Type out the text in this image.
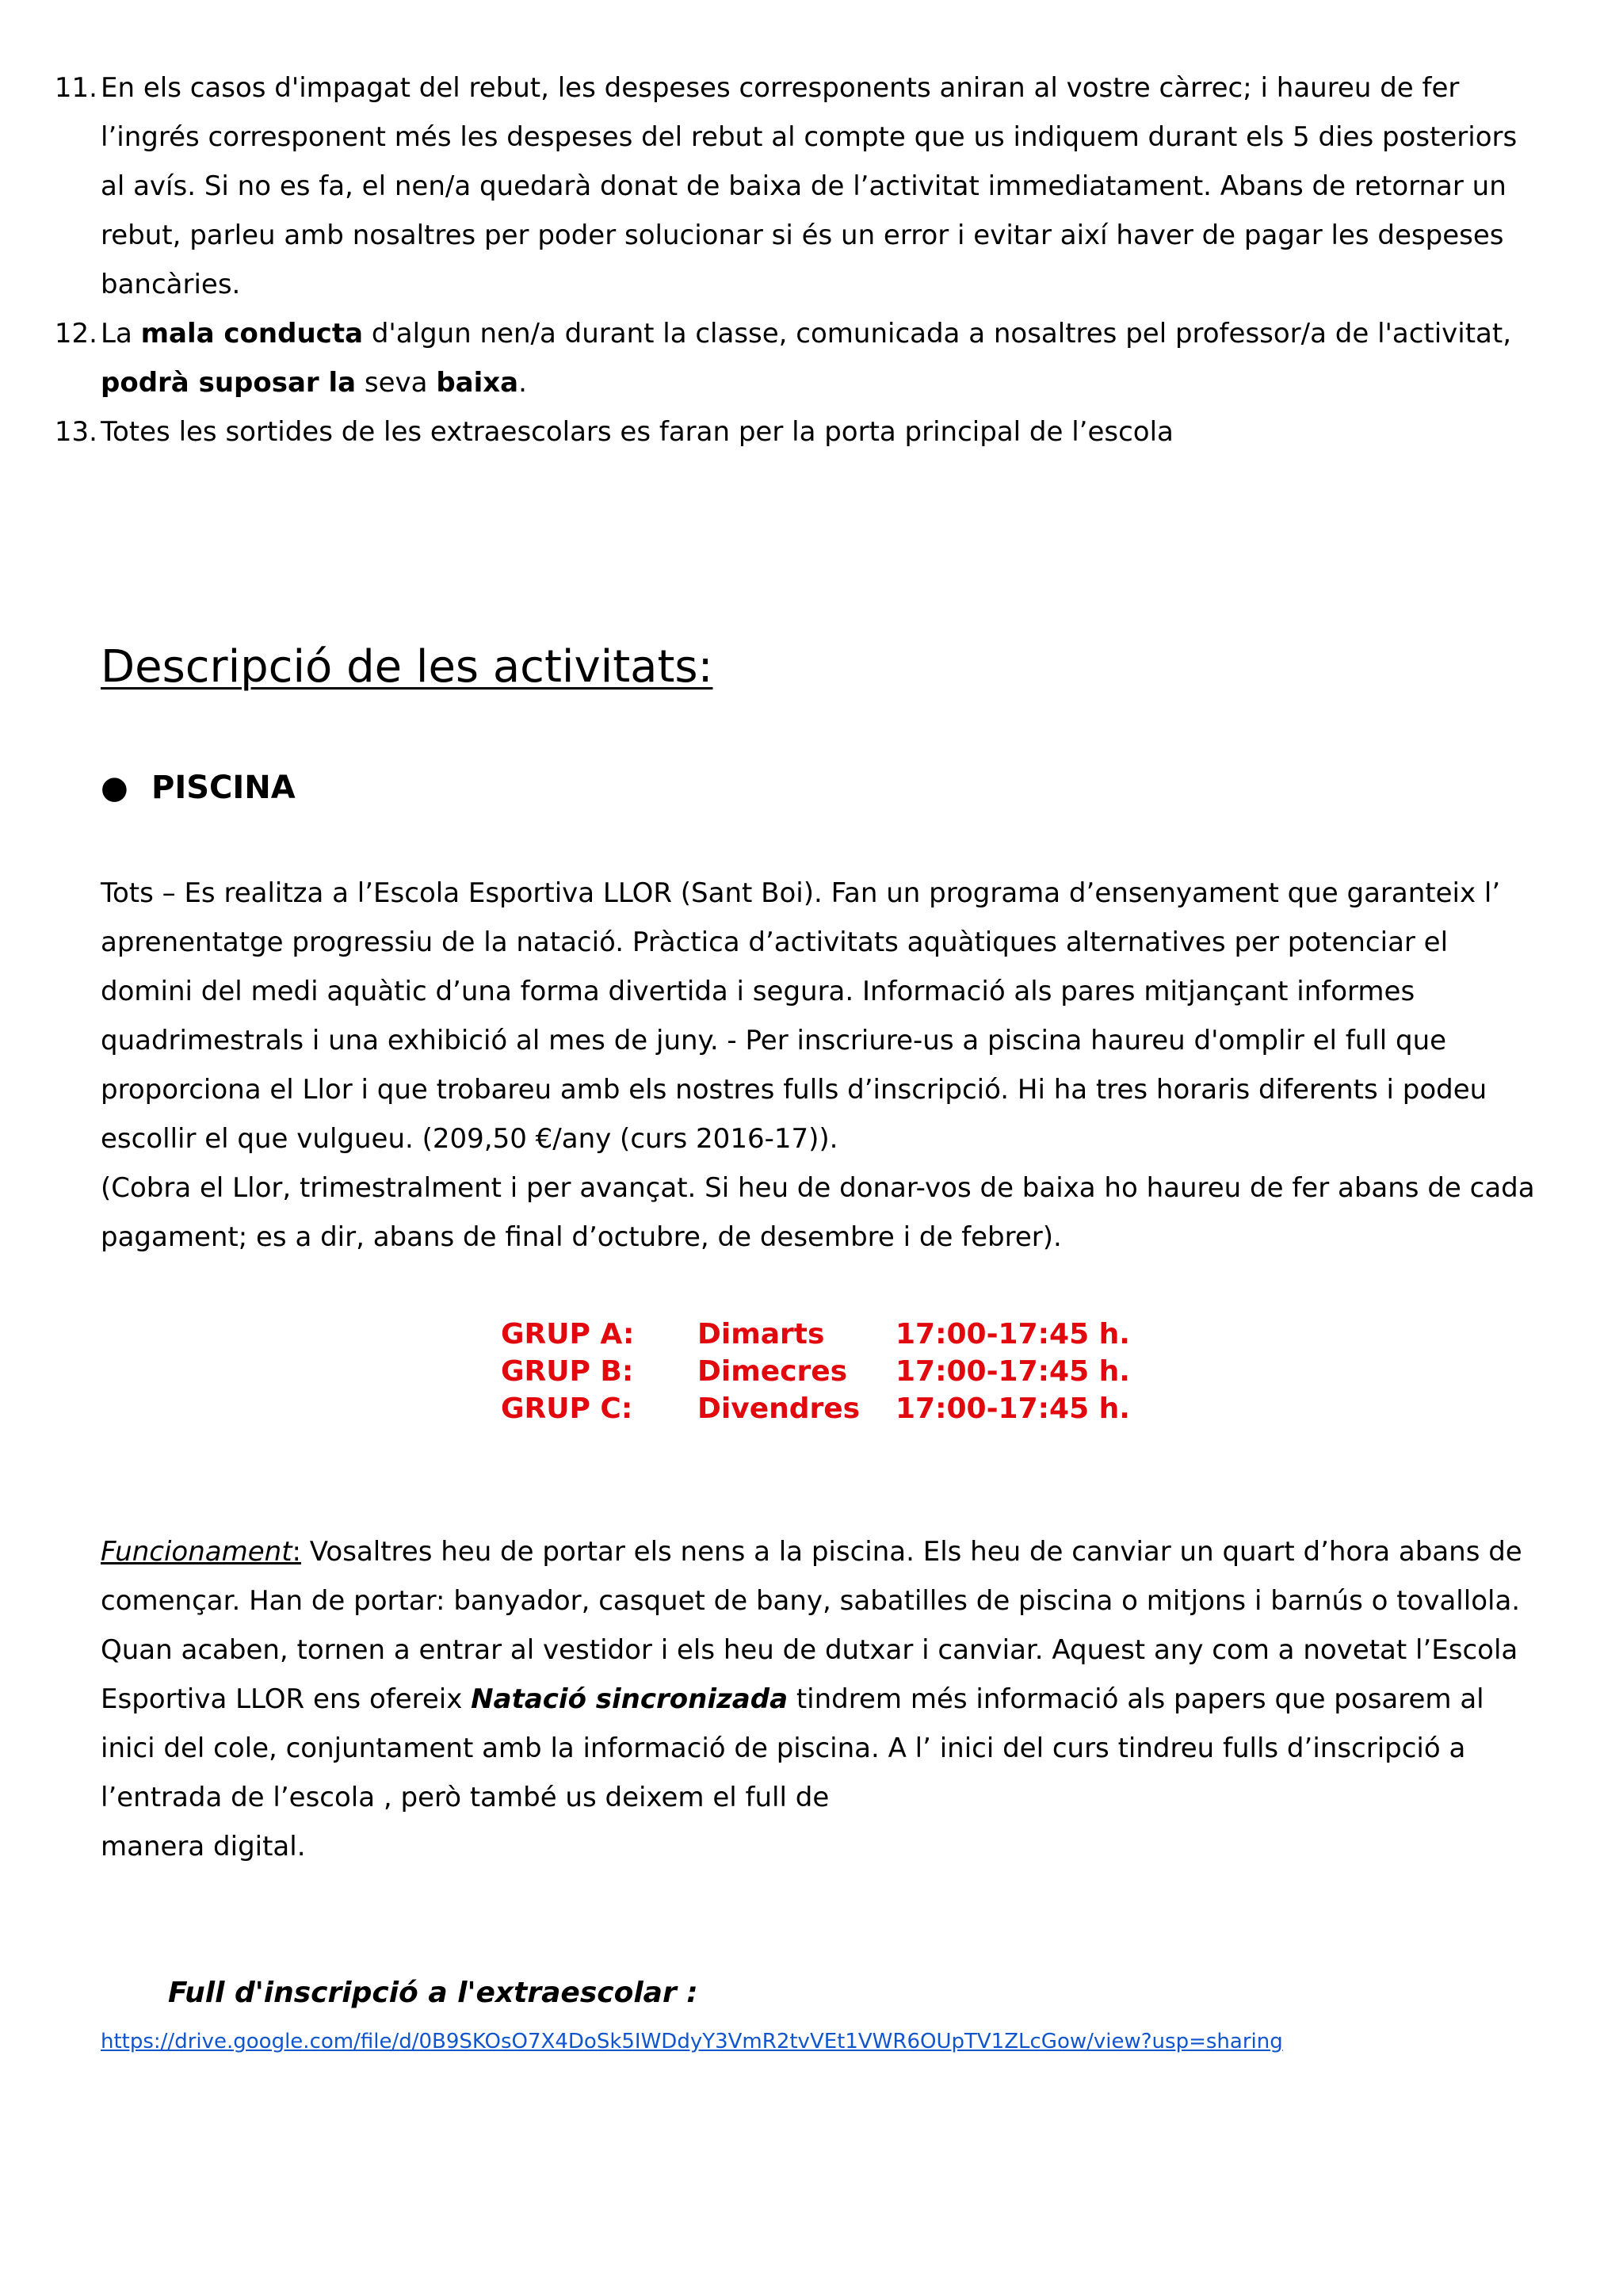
11. En els casos d'impagat del rebut, les despeses corresponents aniran al vostre càrrec; i haureu de fer l’ingrés corresponent més les despeses del rebut al compte que us indiquem durant els 5 dies posteriors al avís. Si no es fa, el nen/a quedarà donat de baixa de l’activitat immediatament. Abans de retornar un rebut, parleu amb nosaltres per poder solucionar si és un error i evitar així haver de pagar les despeses bancàries.
12. La mala conducta d'algun nen/a durant la classe, comunicada a nosaltres pel professor/a de l'activitat, podrà suposar la seva baixa.
13. Totes les sortides de les extraescolars es faran per la porta principal de l’escola
Descripció de les activitats:
● PISCINA

Tots – Es realitza a l’Escola Esportiva LLOR (Sant Boi). Fan un programa d’ensenyament que garanteix l’ aprenentatge progressiu de la natació. Pràctica d’activitats aquàtiques alternatives per potenciar el domini del medi aquàtic d’una forma divertida i segura. Informació als pares mitjançant informes quadrimestrals i una exhibició al mes de juny. - Per inscriure-us a piscina haureu d'omplir el full que proporciona el Llor i que trobareu amb els nostres fulls d’inscripció. Hi ha tres horaris diferents i podeu escollir el que vulgueu. (209,50 €/any (curs 2016-17)).

(Cobra el Llor, trimestralment i per avançat. Si heu de donar-vos de baixa ho haureu de fer abans de cada pagament; es a dir, abans de final d’octubre, de desembre i de febrer).

GRUP A:	Dimarts	17:00-17:45 h.
GRUP B:	Dimecres	17:00-17:45 h.
GRUP C:	Divendres	17:00-17:45 h.

Funcionament: Vosaltres heu de portar els nens a la piscina. Els heu de canviar un quart d’hora abans de començar. Han de portar: banyador, casquet de bany, sabatilles de piscina o mitjons i barnús o tovallola. Quan acaben, tornen a entrar al vestidor i els heu de dutxar i canviar. Aquest any com a novetat l’Escola Esportiva LLOR ens ofereix Natació sincronizada tindrem més informació als papers que posarem al inici del cole, conjuntament amb la informació de piscina. A l’ inici del curs tindreu fulls d’inscripció a l’entrada de l’escola , però també us deixem el full de

manera digital.

Full d'inscripció a l'extraescolar :
https://drive.google.com/file/d/0B9SKOsO7X4DoSk5IWDdyY3VmR2tvVEt1VWR6OUpTV1ZLcGow/view?usp=sharing
